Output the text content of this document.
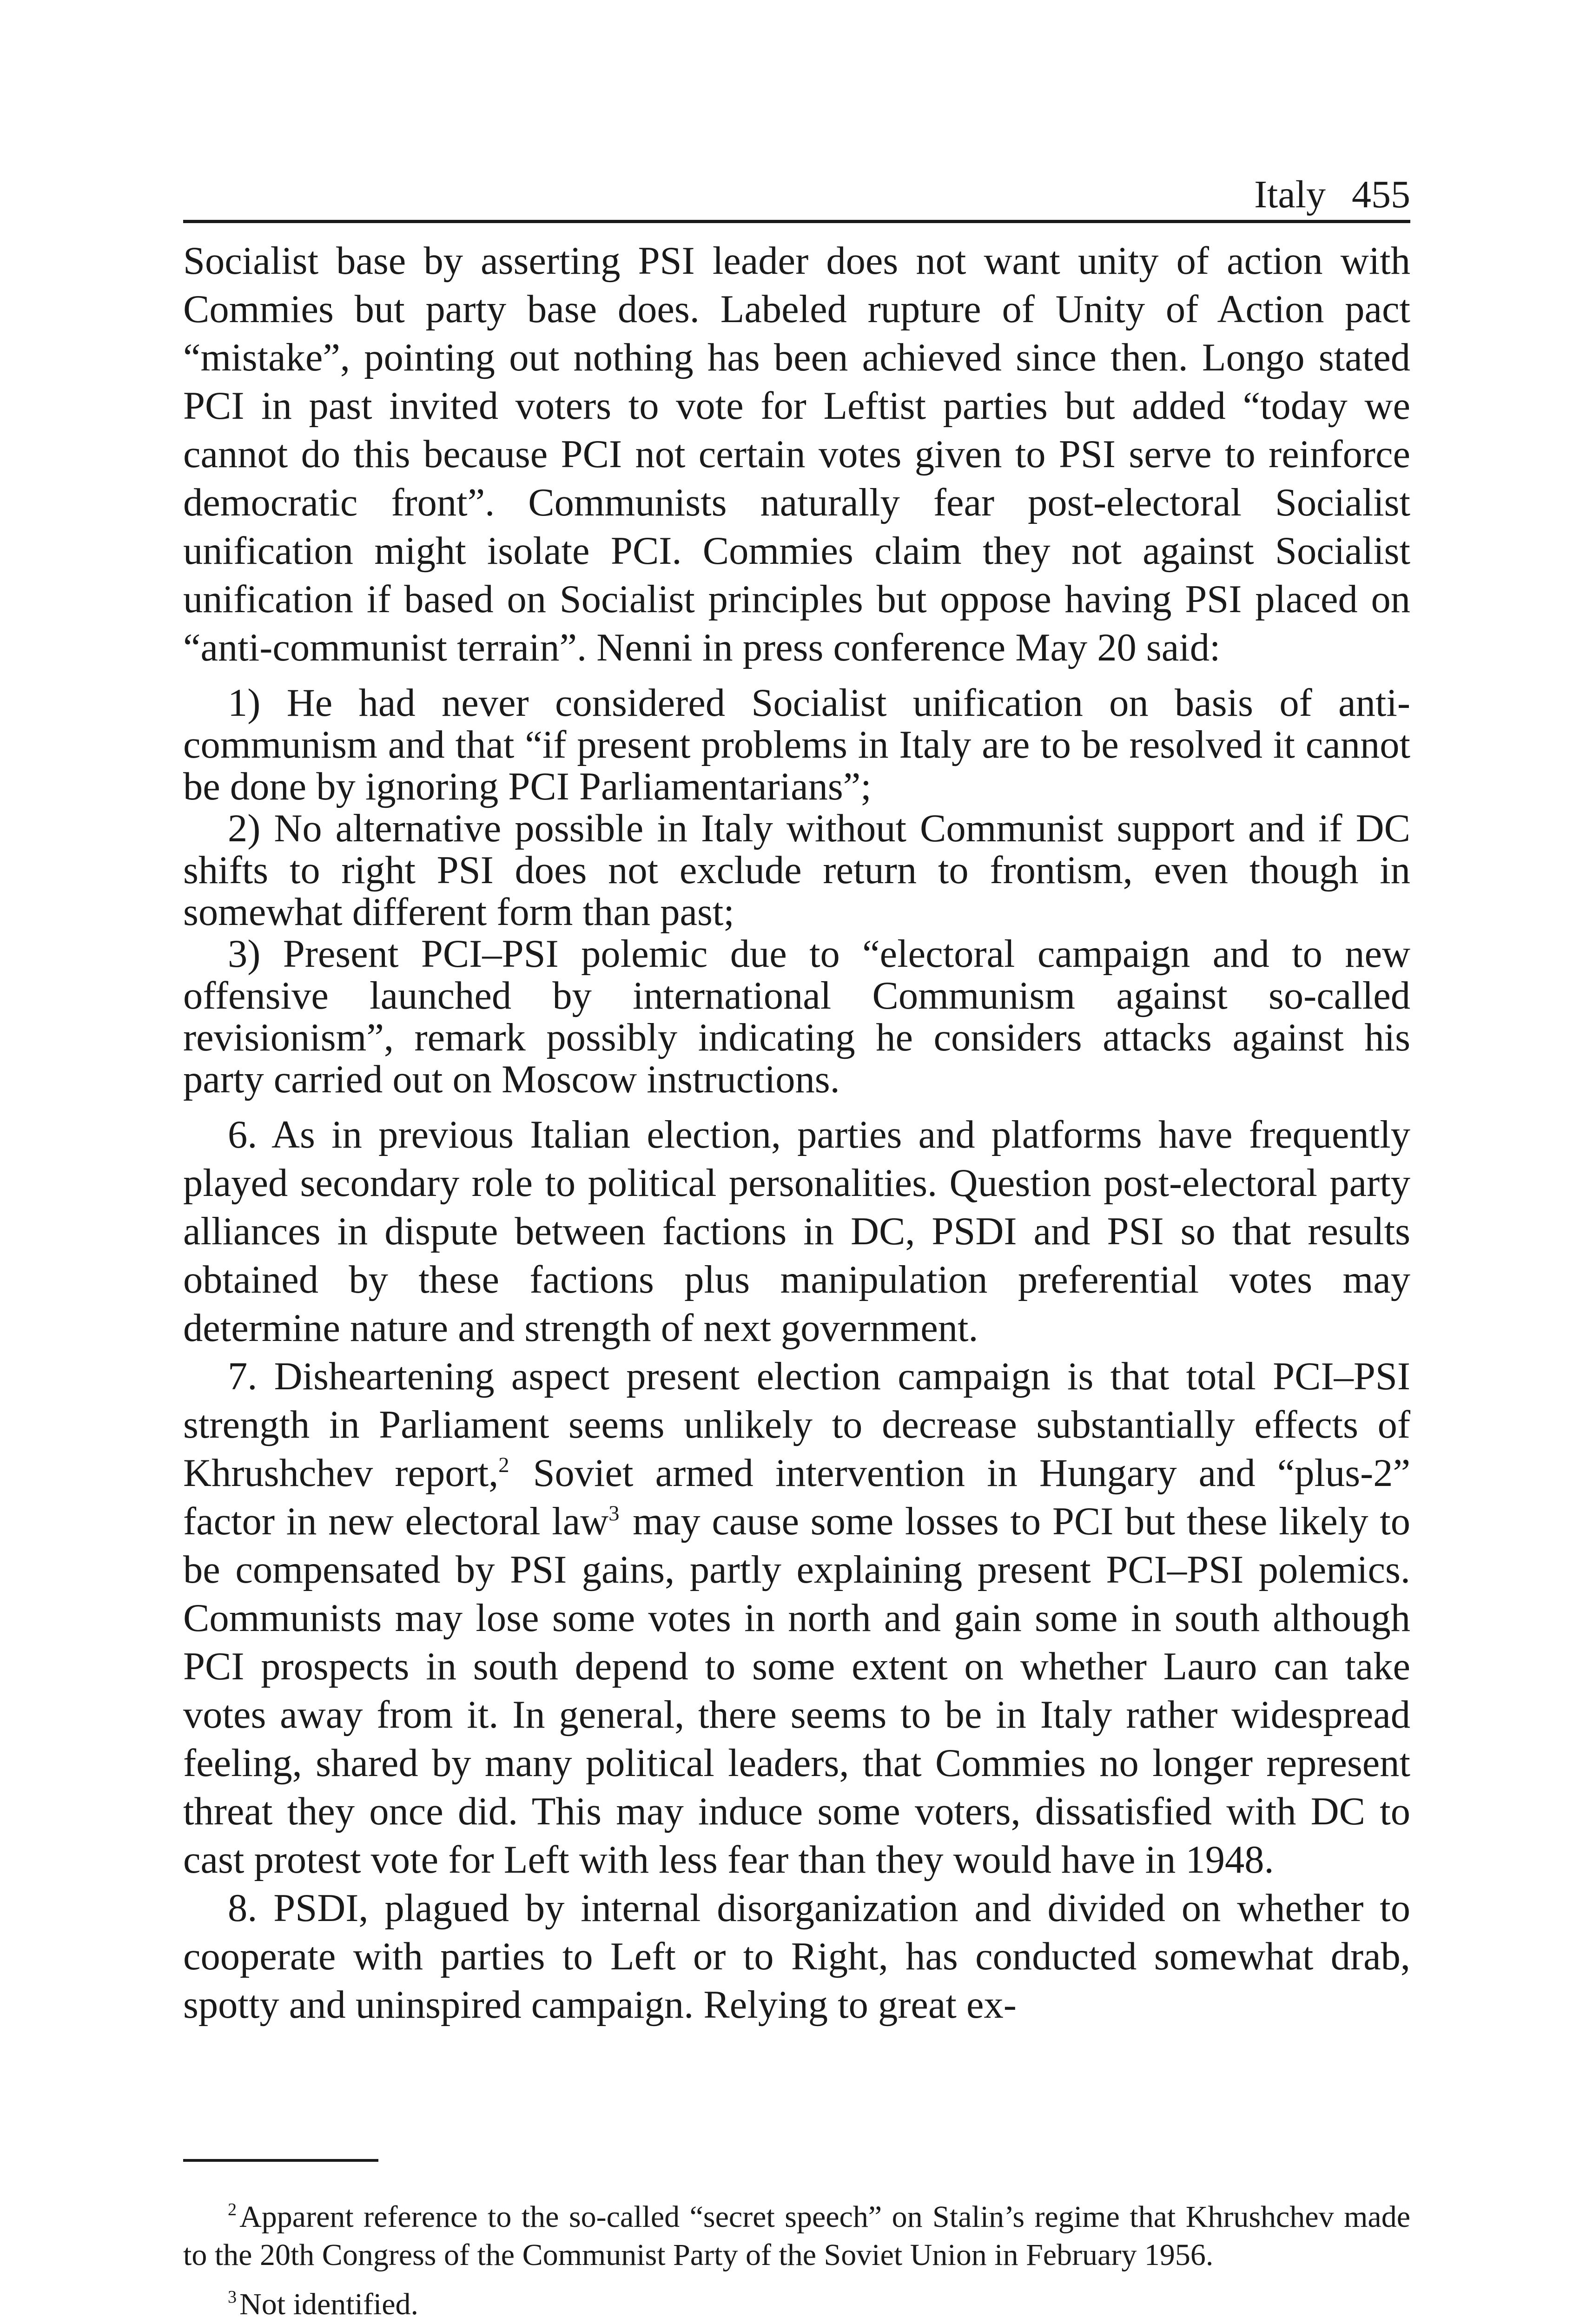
Italy 455

Socialist base by asserting PSI leader does not want unity of action with Commies but party base does. Labeled rupture of Unity of Action pact “mistake”, pointing out nothing has been achieved since then. Longo stated PCI in past invited voters to vote for Leftist parties but added “today we cannot do this because PCI not certain votes given to PSI serve to reinforce democratic front”. Communists naturally fear post-electoral Socialist unification might isolate PCI. Commies claim they not against Socialist unification if based on Socialist principles but oppose having PSI placed on “anti-communist terrain”. Nenni in press conference May 20 said:

1) He had never considered Socialist unification on basis of anti-communism and that “if present problems in Italy are to be resolved it cannot be done by ignoring PCI Parliamentarians”;

2) No alternative possible in Italy without Communist support and if DC shifts to right PSI does not exclude return to frontism, even though in somewhat different form than past;

3) Present PCI–PSI polemic due to “electoral campaign and to new offensive launched by international Communism against so-called revisionism”, remark possibly indicating he considers attacks against his party carried out on Moscow instructions.

6. As in previous Italian election, parties and platforms have frequently played secondary role to political personalities. Question post-electoral party alliances in dispute between factions in DC, PSDI and PSI so that results obtained by these factions plus manipulation preferential votes may determine nature and strength of next government.

7. Disheartening aspect present election campaign is that total PCI–PSI strength in Parliament seems unlikely to decrease substantially effects of Khrushchev report,$^2$ Soviet armed intervention in Hungary and “plus-2” factor in new electoral law$^3$ may cause some losses to PCI but these likely to be compensated by PSI gains, partly explaining present PCI–PSI polemics. Communists may lose some votes in north and gain some in south although PCI prospects in south depend to some extent on whether Lauro can take votes away from it. In general, there seems to be in Italy rather widespread feeling, shared by many political leaders, that Commies no longer represent threat they once did. This may induce some voters, dissatisfied with DC to cast protest vote for Left with less fear than they would have in 1948.

8. PSDI, plagued by internal disorganization and divided on whether to cooperate with parties to Left or to Right, has conducted somewhat drab, spotty and uninspired campaign. Relying to great ex-

$^2$Apparent reference to the so-called “secret speech” on Stalin’s regime that Khrushchev made to the 20th Congress of the Communist Party of the Soviet Union in February 1956.

$^3$Not identified.
